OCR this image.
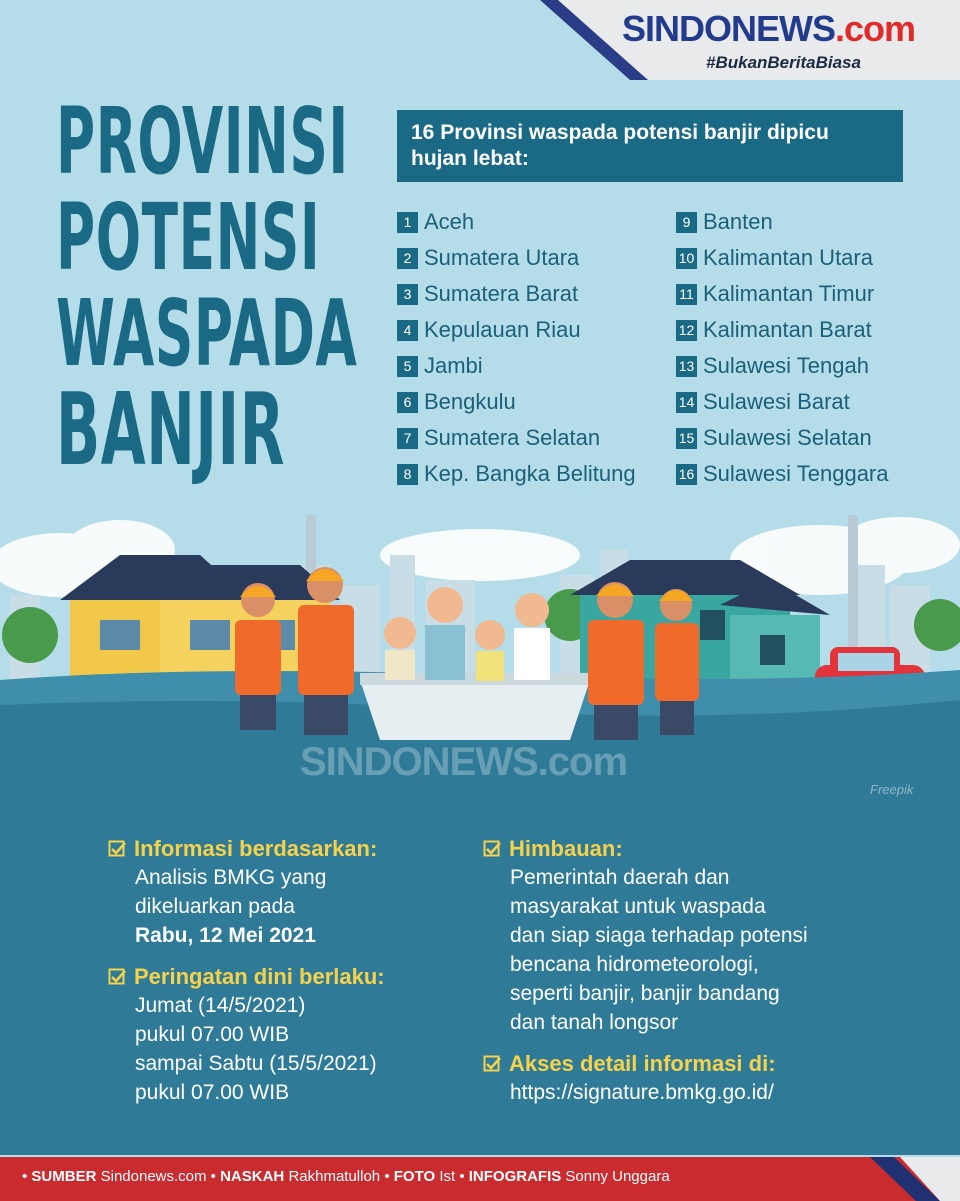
SINDONEWS.com
#BukanBeritaBiasa
PROVINSI
POTENSI
WASPADA
BANJIR
16 Provinsi waspada potensi banjir dipicu hujan lebat:
1 Aceh
2 Sumatera Utara
3 Sumatera Barat
4 Kepulauan Riau
5 Jambi
6 Bengkulu
7 Sumatera Selatan
8 Kep. Bangka Belitung
9 Banten
10 Kalimantan Utara
11 Kalimantan Timur
12 Kalimantan Barat
13 Sulawesi Tengah
14 Sulawesi Barat
15 Sulawesi Selatan
16 Sulawesi Tenggara
SINDONEWS.com
Freepik
Informasi berdasarkan:
Analisis BMKG yang
dikeluarkan pada
Rabu, 12 Mei 2021
Peringatan dini berlaku:
Jumat (14/5/2021)
pukul 07.00 WIB
sampai Sabtu (15/5/2021)
pukul 07.00 WIB
Himbauan:
Pemerintah daerah dan
masyarakat untuk waspada
dan siap siaga terhadap potensi
bencana hidrometeorologi,
seperti banjir, banjir bandang
dan tanah longsor
Akses detail informasi di:
https://signature.bmkg.go.id/
• SUMBER Sindonews.com • NASKAH Rakhmatulloh • FOTO Ist • INFOGRAFIS Sonny Unggara
